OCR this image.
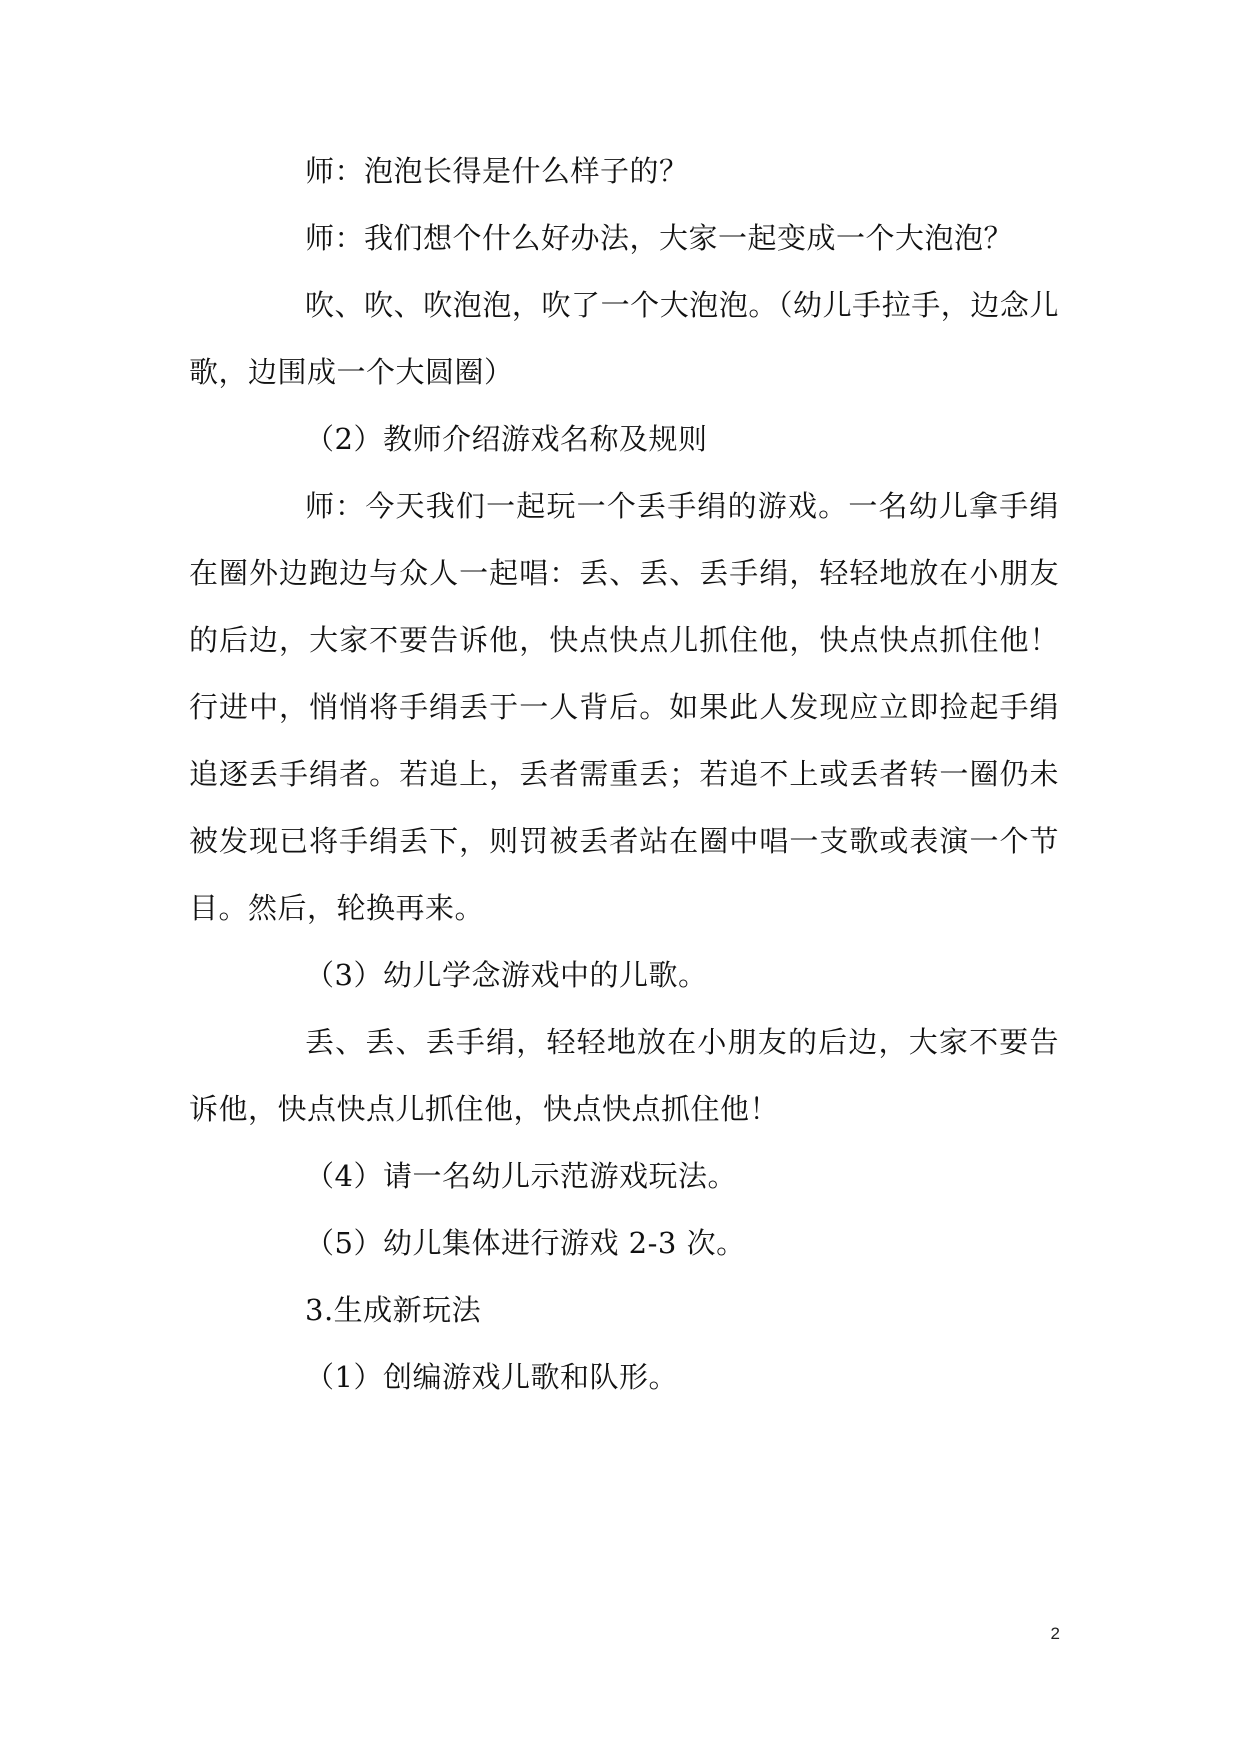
师：泡泡长得是什么样子的？

师：我们想个什么好办法，大家一起变成一个大泡泡？

吹、吹、吹泡泡，吹了一个大泡泡。（幼儿手拉手，边念儿歌，边围成一个大圆圈）

（2）教师介绍游戏名称及规则

师：今天我们一起玩一个丢手绢的游戏。一名幼儿拿手绢在圈外边跑边与众人一起唱：丢、丢、丢手绢，轻轻地放在小朋友的后边，大家不要告诉他，快点快点儿抓住他，快点快点抓住他！行进中，悄悄将手绢丢于一人背后。如果此人发现应立即捡起手绢追逐丢手绢者。若追上，丢者需重丢；若追不上或丢者转一圈仍未被发现已将手绢丢下，则罚被丢者站在圈中唱一支歌或表演一个节目。然后，轮换再来。

（3）幼儿学念游戏中的儿歌。

丢、丢、丢手绢，轻轻地放在小朋友的后边，大家不要告诉他，快点快点儿抓住他，快点快点抓住他！

（4）请一名幼儿示范游戏玩法。

（5）幼儿集体进行游戏 2-3 次。

3.生成新玩法

（1）创编游戏儿歌和队形。

2
